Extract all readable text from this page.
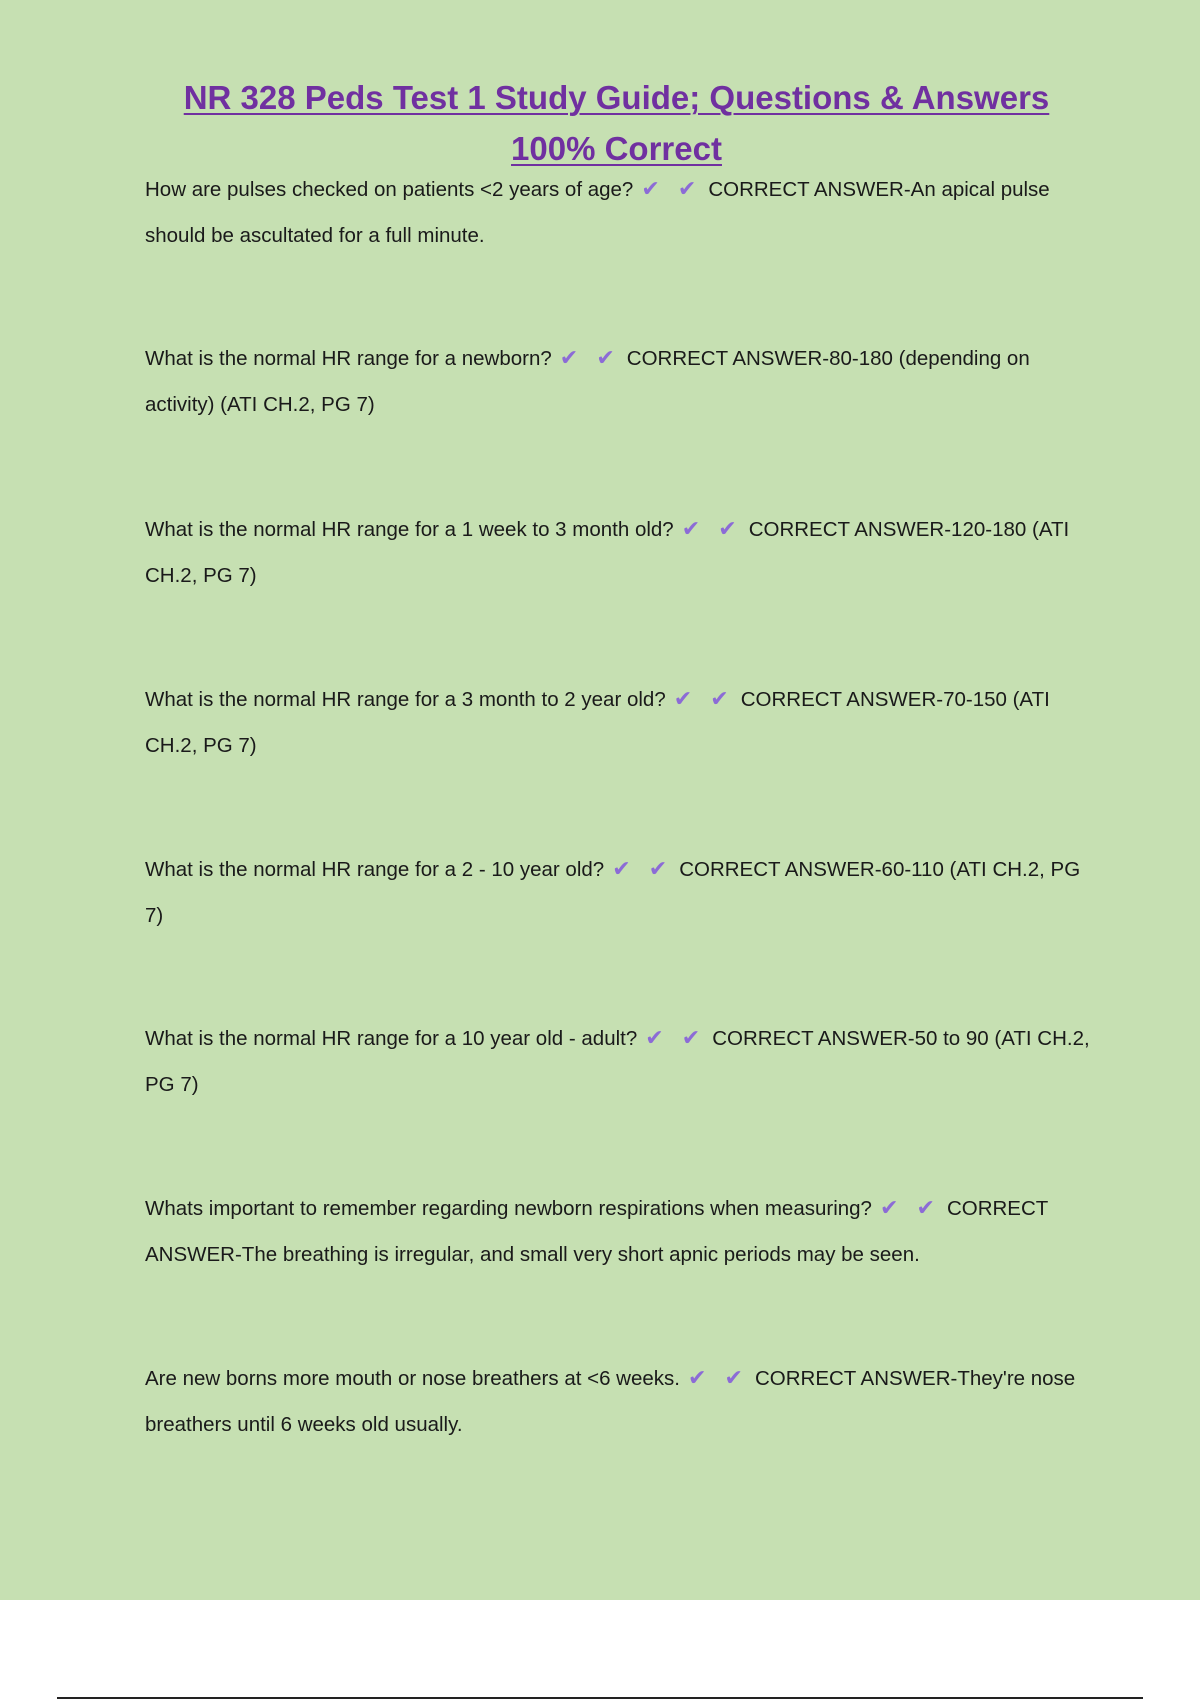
NR 328 Peds Test 1 Study Guide; Questions & Answers
100% Correct

How are pulses checked on patients <2 years of age? ✔ ✔ CORRECT ANSWER-An apical pulse should be ascultated for a full minute.

What is the normal HR range for a newborn? ✔ ✔ CORRECT ANSWER-80-180 (depending on activity) (ATI CH.2, PG 7)

What is the normal HR range for a 1 week to 3 month old? ✔ ✔ CORRECT ANSWER-120-180 (ATI CH.2, PG 7)

What is the normal HR range for a 3 month to 2 year old? ✔ ✔ CORRECT ANSWER-70-150 (ATI CH.2, PG 7)

What is the normal HR range for a 2 - 10 year old? ✔ ✔ CORRECT ANSWER-60-110 (ATI CH.2, PG 7)

What is the normal HR range for a 10 year old - adult? ✔ ✔ CORRECT ANSWER-50 to 90 (ATI CH.2, PG 7)

Whats important to remember regarding newborn respirations when measuring? ✔ ✔ CORRECT ANSWER-The breathing is irregular, and small very short apnic periods may be seen.

Are new borns more mouth or nose breathers at <6 weeks. ✔ ✔ CORRECT ANSWER-They're nose breathers until 6 weeks old usually.
